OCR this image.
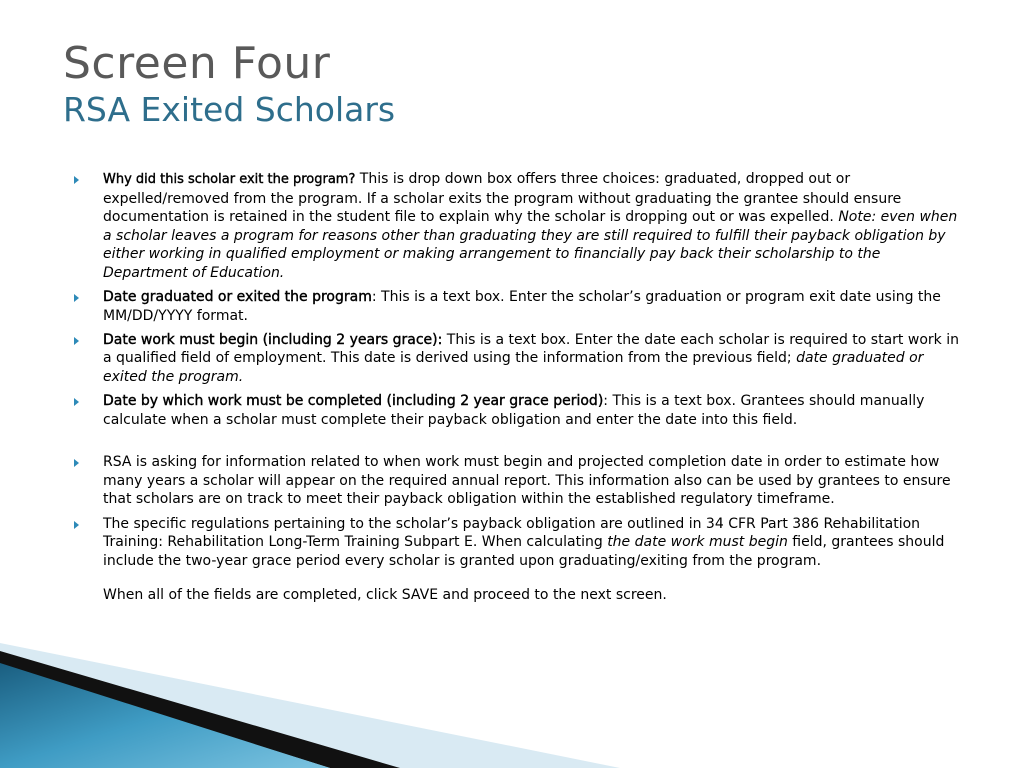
Screen Four
RSA Exited Scholars

Why did this scholar exit the program? This is drop down box offers three choices: graduated, dropped out or expelled/removed from the program. If a scholar exits the program without graduating the grantee should ensure documentation is retained in the student file to explain why the scholar is dropping out or was expelled. Note: even when a scholar leaves a program for reasons other than graduating they are still required to fulfill their payback obligation by either working in qualified employment or making arrangement to financially pay back their scholarship to the Department of Education.

Date graduated or exited the program: This is a text box. Enter the scholar’s graduation or program exit date using the MM/DD/YYYY format.

Date work must begin (including 2 years grace): This is a text box. Enter the date each scholar is required to start work in a qualified field of employment. This date is derived using the information from the previous field; date graduated or exited the program.

Date by which work must be completed (including 2 year grace period): This is a text box. Grantees should manually calculate when a scholar must complete their payback obligation and enter the date into this field.

RSA is asking for information related to when work must begin and projected completion date in order to estimate how many years a scholar will appear on the required annual report. This information also can be used by grantees to ensure that scholars are on track to meet their payback obligation within the established regulatory timeframe.

The specific regulations pertaining to the scholar’s payback obligation are outlined in 34 CFR Part 386 Rehabilitation Training: Rehabilitation Long-Term Training Subpart E. When calculating the date work must begin field, grantees should include the two-year grace period every scholar is granted upon graduating/exiting from the program.

When all of the fields are completed, click SAVE and proceed to the next screen.
